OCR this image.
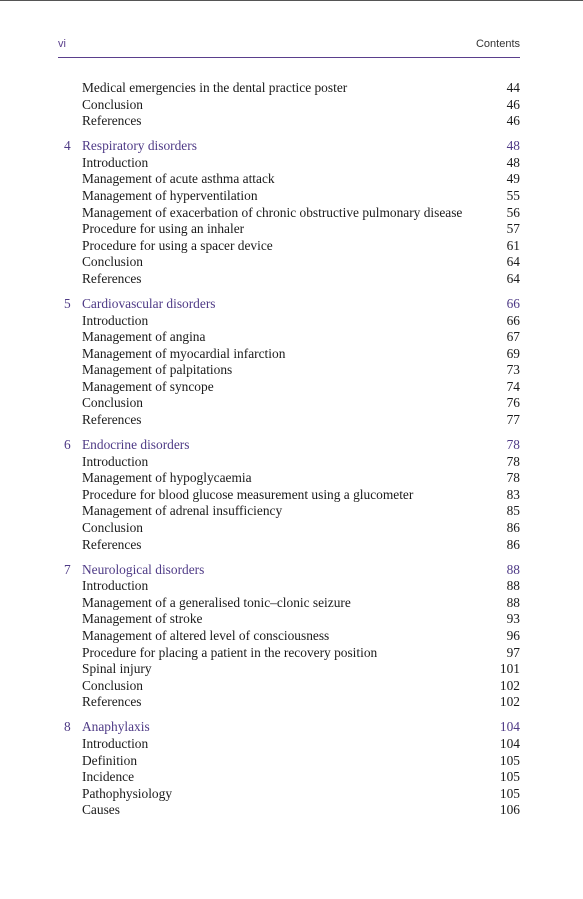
vi	Contents
Medical emergencies in the dental practice poster	44
Conclusion	46
References	46
4 Respiratory disorders	48
Introduction	48
Management of acute asthma attack	49
Management of hyperventilation	55
Management of exacerbation of chronic obstructive pulmonary disease	56
Procedure for using an inhaler	57
Procedure for using a spacer device	61
Conclusion	64
References	64
5 Cardiovascular disorders	66
Introduction	66
Management of angina	67
Management of myocardial infarction	69
Management of palpitations	73
Management of syncope	74
Conclusion	76
References	77
6 Endocrine disorders	78
Introduction	78
Management of hypoglycaemia	78
Procedure for blood glucose measurement using a glucometer	83
Management of adrenal insufficiency	85
Conclusion	86
References	86
7 Neurological disorders	88
Introduction	88
Management of a generalised tonic–clonic seizure	88
Management of stroke	93
Management of altered level of consciousness	96
Procedure for placing a patient in the recovery position	97
Spinal injury	101
Conclusion	102
References	102
8 Anaphylaxis	104
Introduction	104
Definition	105
Incidence	105
Pathophysiology	105
Causes	106
